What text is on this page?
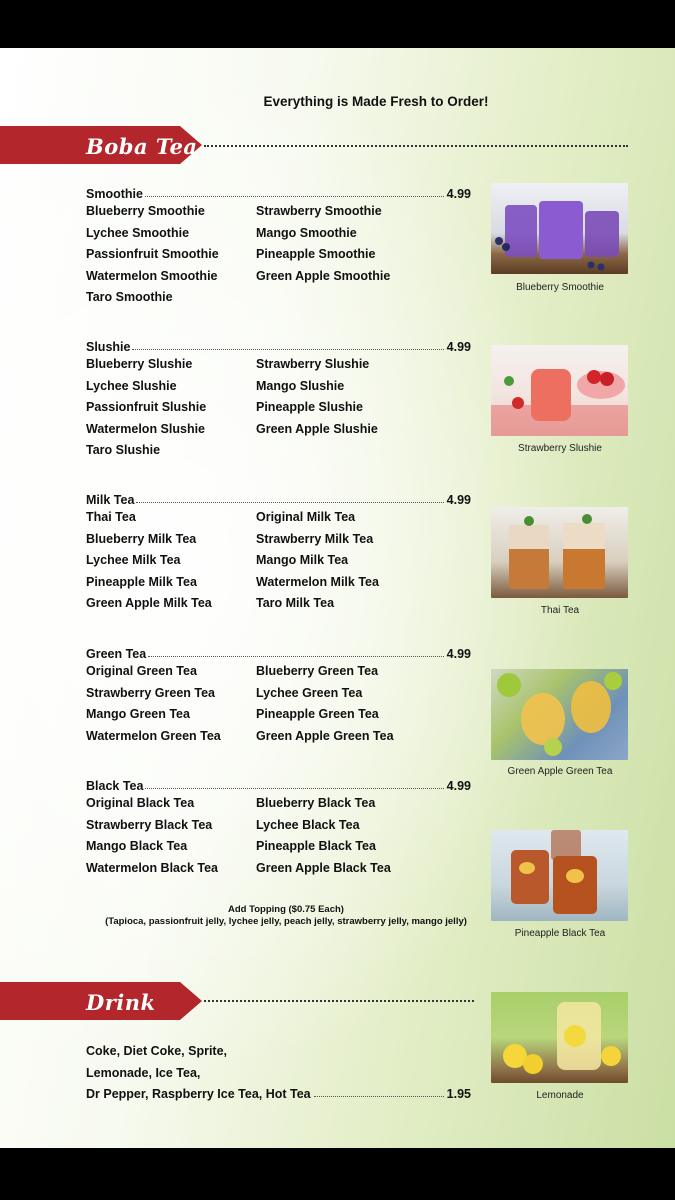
Everything is Made Fresh to Order!
Boba Tea
Smoothie	4.99
Blueberry Smoothie	Strawberry Smoothie
Lychee Smoothie	Mango Smoothie
Passionfruit Smoothie	Pineapple Smoothie
Watermelon Smoothie	Green Apple Smoothie
Taro Smoothie
Slushie	4.99
Blueberry Slushie	Strawberry Slushie
Lychee Slushie	Mango Slushie
Passionfruit Slushie	Pineapple Slushie
Watermelon Slushie	Green Apple Slushie
Taro Slushie
Milk Tea	4.99
Thai Tea	Original Milk Tea
Blueberry Milk Tea	Strawberry Milk Tea
Lychee Milk Tea	Mango Milk Tea
Pineapple Milk Tea	Watermelon Milk Tea
Green Apple Milk Tea	Taro Milk Tea
Green Tea	4.99
Original Green Tea	Blueberry Green Tea
Strawberry Green Tea	Lychee Green Tea
Mango Green Tea	Pineapple Green Tea
Watermelon Green Tea	Green Apple Green Tea
Black Tea	4.99
Original Black Tea	Blueberry Black Tea
Strawberry Black Tea	Lychee Black Tea
Mango Black Tea	Pineapple Black Tea
Watermelon Black Tea	Green Apple Black Tea
Add Topping ($0.75 Each)
(Tapioca, passionfruit jelly, lychee jelly, peach jelly, strawberry jelly, mango jelly)
Drink
Coke, Diet Coke, Sprite,
Lemonade, Ice Tea,
Dr Pepper, Raspberry Ice Tea, Hot Tea	1.95
Blueberry Smoothie
Strawberry Slushie
Thai Tea
Green Apple Green Tea
Pineapple Black Tea
Lemonade
